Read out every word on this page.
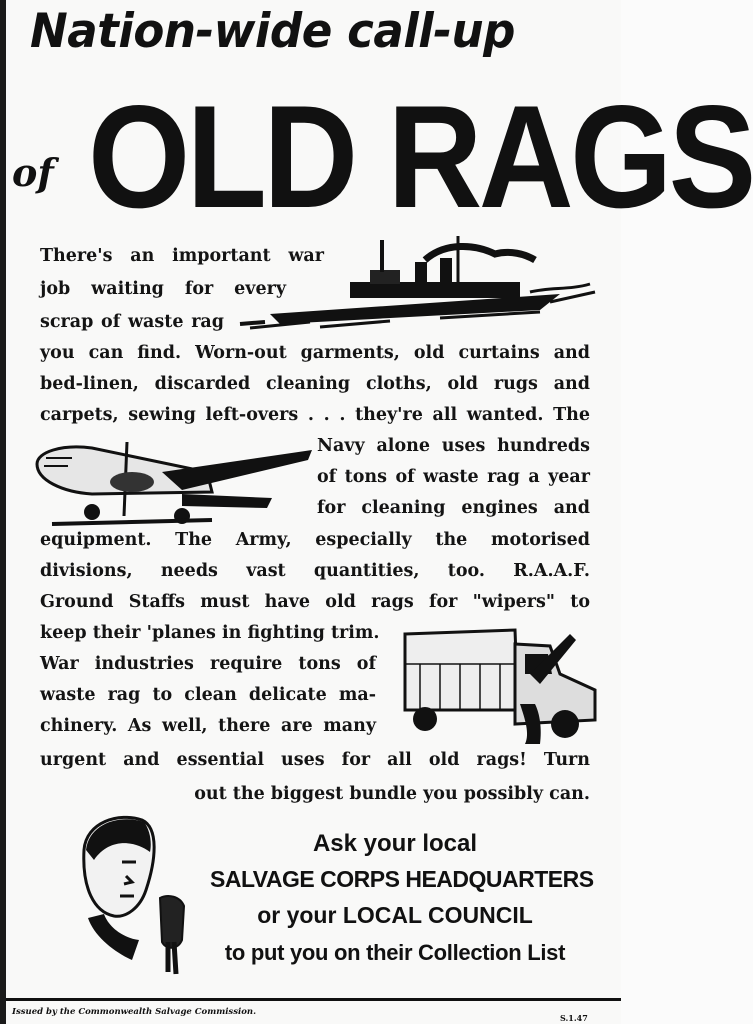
Nation-wide call-up
of OLD RAGS
There's an important war
job waiting for every
scrap of waste rag
you can find. Worn-out garments, old curtains and
bed-linen, discarded cleaning cloths, old rugs and
carpets, sewing left-overs . . . they're all wanted. The
Navy alone uses hundreds
of tons of waste rag a year
for cleaning engines and
equipment. The Army, especially the motorised
divisions, needs vast quantities, too. R.A.A.F.
Ground Staffs must have old rags for "wipers" to
keep their 'planes in fighting trim.
War industries require tons of
waste rag to clean delicate ma-
chinery. As well, there are many
urgent and essential uses for all old rags! Turn
out the biggest bundle you possibly can.
Ask your local
SALVAGE CORPS HEADQUARTERS
or your LOCAL COUNCIL
to put you on their Collection List
Issued by the Commonwealth Salvage Commission.
S.1.47
